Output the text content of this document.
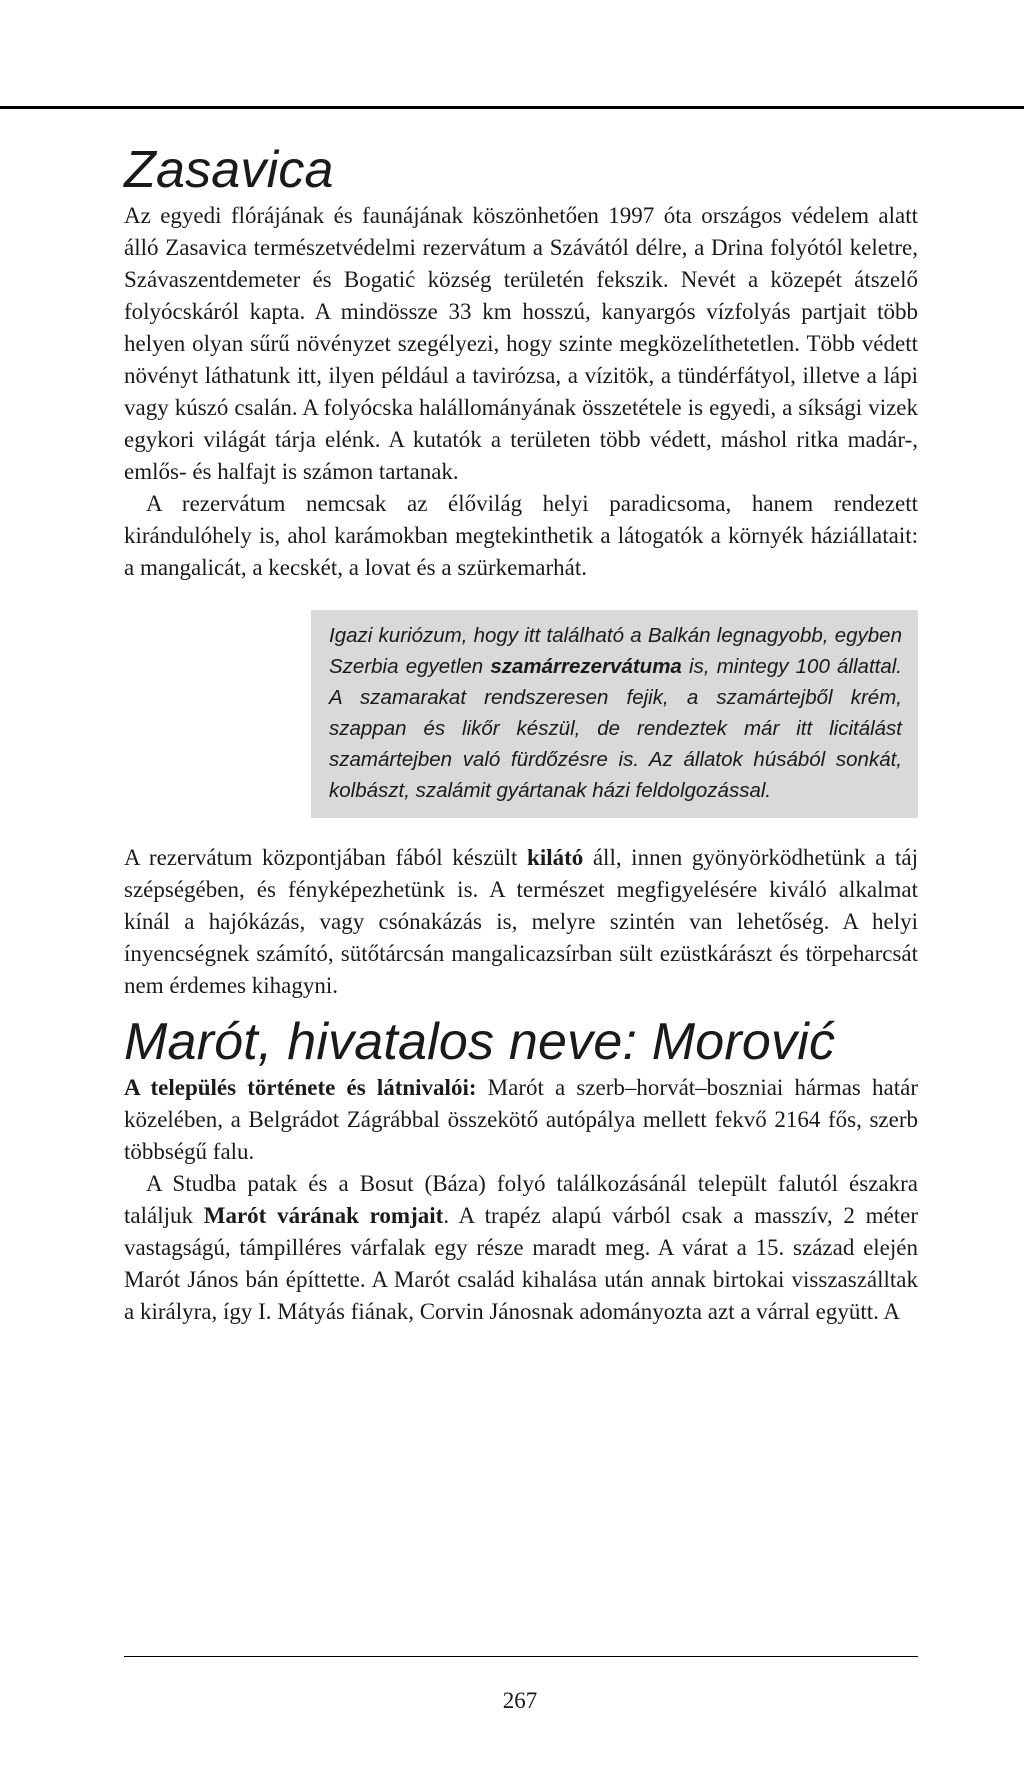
Zasavica

Az egyedi flórájának és faunájának köszönhetően 1997 óta országos védelem alatt álló Zasavica természetvédelmi rezervátum a Szávától délre, a Drina folyótól keletre, Szávaszentdemeter és Bogatić község területén fekszik. Nevét a közepét átszelő folyócskáról kapta. A mindössze 33 km hosszú, kanyargós vízfolyás partjait több helyen olyan sűrű növényzet szegélyezi, hogy szinte megközelíthetetlen. Több védett növényt láthatunk itt, ilyen például a tavirózsa, a vízitök, a tündérfátyol, illetve a lápi vagy kúszó csalán. A folyócska halállományának összetétele is egyedi, a síksági vizek egykori világát tárja elénk. A kutatók a területen több védett, máshol ritka madár-, emlős- és halfajt is számon tartanak.

A rezervátum nemcsak az élővilág helyi paradicsoma, hanem rendezett kirándulóhely is, ahol karámokban megtekinthetik a látogatók a környék háziállatait: a mangalicát, a kecskét, a lovat és a szürkemarhát.

Igazi kuriózum, hogy itt található a Balkán legnagyobb, egyben Szerbia egyetlen szamárrezervátuma is, mintegy 100 állattal. A szamarakat rendszeresen fejik, a szamártejből krém, szappan és likőr készül, de rendeztek már itt licitálást szamártejben való fürdőzésre is. Az állatok húsából sonkát, kolbászt, szalámit gyártanak házi feldolgozással.

A rezervátum központjában fából készült kilátó áll, innen gyönyörködhetünk a táj szépségében, és fényképezhetünk is. A természet megfigyelésére kiváló alkalmat kínál a hajókázás, vagy csónakázás is, melyre szintén van lehetőség. A helyi ínyencségnek számító, sütőtárcsán mangalicazsírban sült ezüstkárászt és törpeharcsát nem érdemes kihagyni.

Marót, hivatalos neve: Morović

A település története és látnivalói: Marót a szerb–horvát–boszniai hármas határ közelében, a Belgrádot Zágrábbal összekötő autópálya mellett fekvő 2164 fős, szerb többségű falu.

A Studba patak és a Bosut (Báza) folyó találkozásánál települt falutól északra találjuk Marót várának romjait. A trapéz alapú várból csak a masszív, 2 méter vastagságú, támpilléres várfalak egy része maradt meg. A várat a 15. század elején Marót János bán építtette. A Marót család kihalása után annak birtokai visszaszálltak a királyra, így I. Mátyás fiának, Corvin Jánosnak adományozta azt a várral együtt. A

267
